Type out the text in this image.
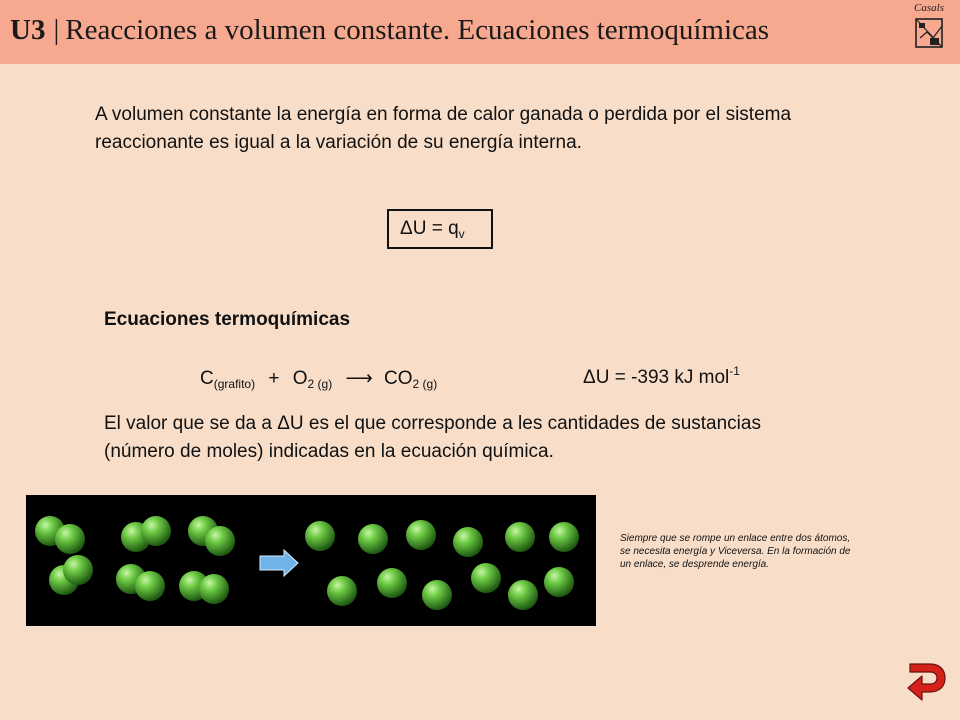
U3 | Reacciones a volumen constante. Ecuaciones termoquímicas
Casals
A volumen constante la energía en forma de calor ganada o perdida por el sistema reaccionante es igual a la variación de su energía interna.
$\Delta U = q_v$
Ecuaciones termoquímicas
$C_{(grafito)} + O_{2 (g)}$ ⟶ $CO_{2 (g)}$	ΔU = -393 kJ mol$^{-1}$
El valor que se da a ΔU es el que corresponde a les cantidades de sustancias (número de moles) indicadas en la ecuación química.
Siempre que se rompe un enlace entre dos átomos, se necesita energía y Viceversa. En la formación de un enlace, se desprende energía.
